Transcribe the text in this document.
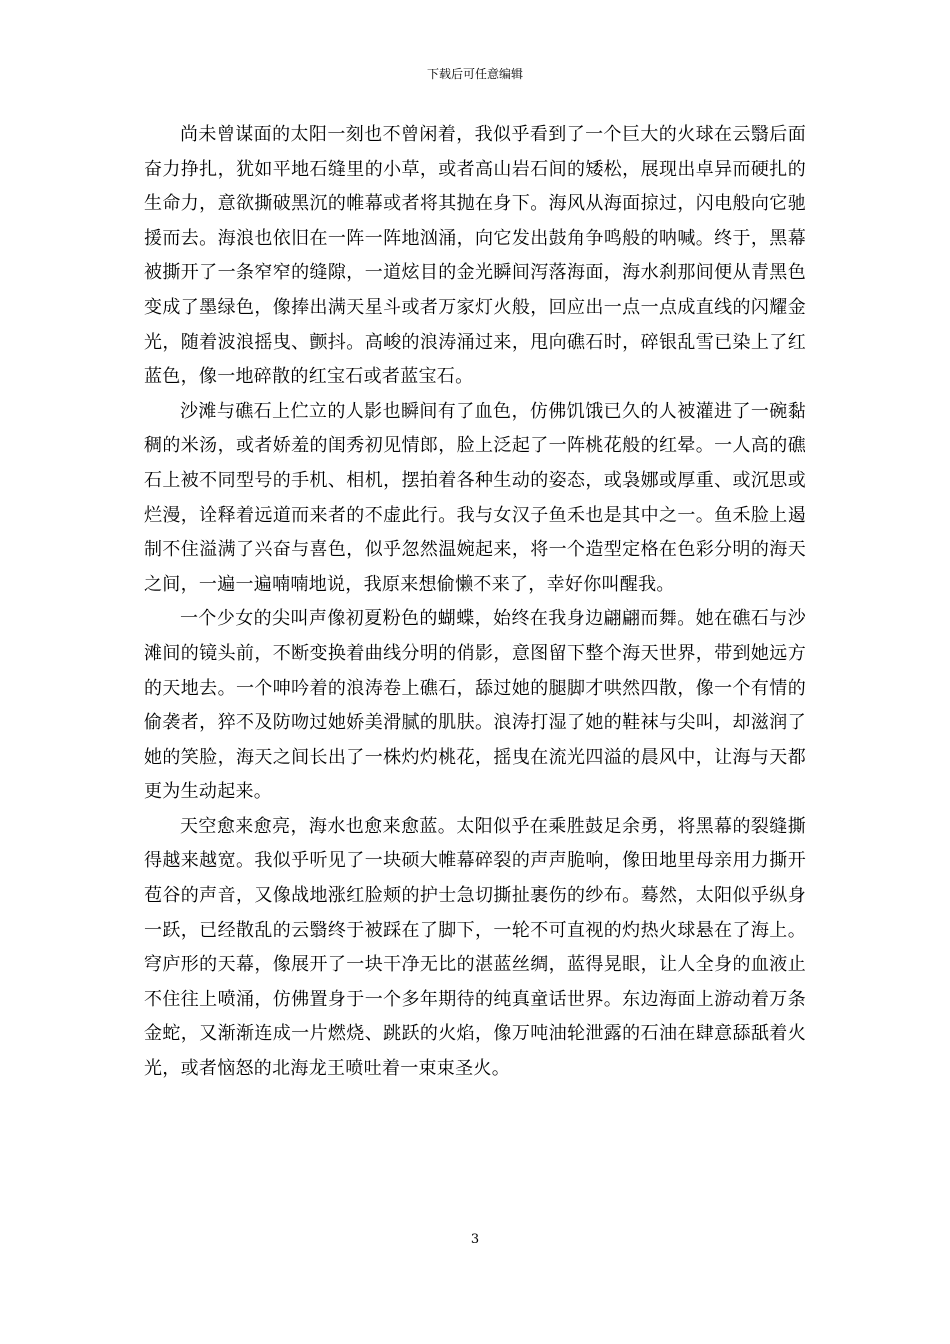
下载后可任意编辑

尚未曾谋面的太阳一刻也不曾闲着，我似乎看到了一个巨大的火球在云翳后面奋力挣扎，犹如平地石缝里的小草，或者高山岩石间的矮松，展现出卓异而硬扎的生命力，意欲撕破黑沉的帷幕或者将其抛在身下。海风从海面掠过，闪电般向它驰援而去。海浪也依旧在一阵一阵地汹涌，向它发出鼓角争鸣般的呐喊。终于，黑幕被撕开了一条窄窄的缝隙，一道炫目的金光瞬间泻落海面，海水刹那间便从青黑色变成了墨绿色，像捧出满天星斗或者万家灯火般，回应出一点一点成直线的闪耀金光，随着波浪摇曳、颤抖。高峻的浪涛涌过来，甩向礁石时，碎银乱雪已染上了红蓝色，像一地碎散的红宝石或者蓝宝石。

沙滩与礁石上伫立的人影也瞬间有了血色，仿佛饥饿已久的人被灌进了一碗黏稠的米汤，或者娇羞的闺秀初见情郎，脸上泛起了一阵桃花般的红晕。一人高的礁石上被不同型号的手机、相机，摆拍着各种生动的姿态，或袅娜或厚重、或沉思或烂漫，诠释着远道而来者的不虚此行。我与女汉子鱼禾也是其中之一。鱼禾脸上遏制不住溢满了兴奋与喜色，似乎忽然温婉起来，将一个造型定格在色彩分明的海天之间，一遍一遍喃喃地说，我原来想偷懒不来了，幸好你叫醒我。

一个少女的尖叫声像初夏粉色的蝴蝶，始终在我身边翩翩而舞。她在礁石与沙滩间的镜头前，不断变换着曲线分明的俏影，意图留下整个海天世界，带到她远方的天地去。一个呻吟着的浪涛卷上礁石，舔过她的腿脚才哄然四散，像一个有情的偷袭者，猝不及防吻过她娇美滑腻的肌肤。浪涛打湿了她的鞋袜与尖叫，却滋润了她的笑脸，海天之间长出了一株灼灼桃花，摇曳在流光四溢的晨风中，让海与天都更为生动起来。

天空愈来愈亮，海水也愈来愈蓝。太阳似乎在乘胜鼓足余勇，将黑幕的裂缝撕得越来越宽。我似乎听见了一块硕大帷幕碎裂的声声脆响，像田地里母亲用力撕开苞谷的声音，又像战地涨红脸颊的护士急切撕扯裹伤的纱布。蓦然，太阳似乎纵身一跃，已经散乱的云翳终于被踩在了脚下，一轮不可直视的灼热火球悬在了海上。穹庐形的天幕，像展开了一块干净无比的湛蓝丝绸，蓝得晃眼，让人全身的血液止不住往上喷涌，仿佛置身于一个多年期待的纯真童话世界。东边海面上游动着万条金蛇，又渐渐连成一片燃烧、跳跃的火焰，像万吨油轮泄露的石油在肆意舔舐着火光，或者恼怒的北海龙王喷吐着一束束圣火。

3
